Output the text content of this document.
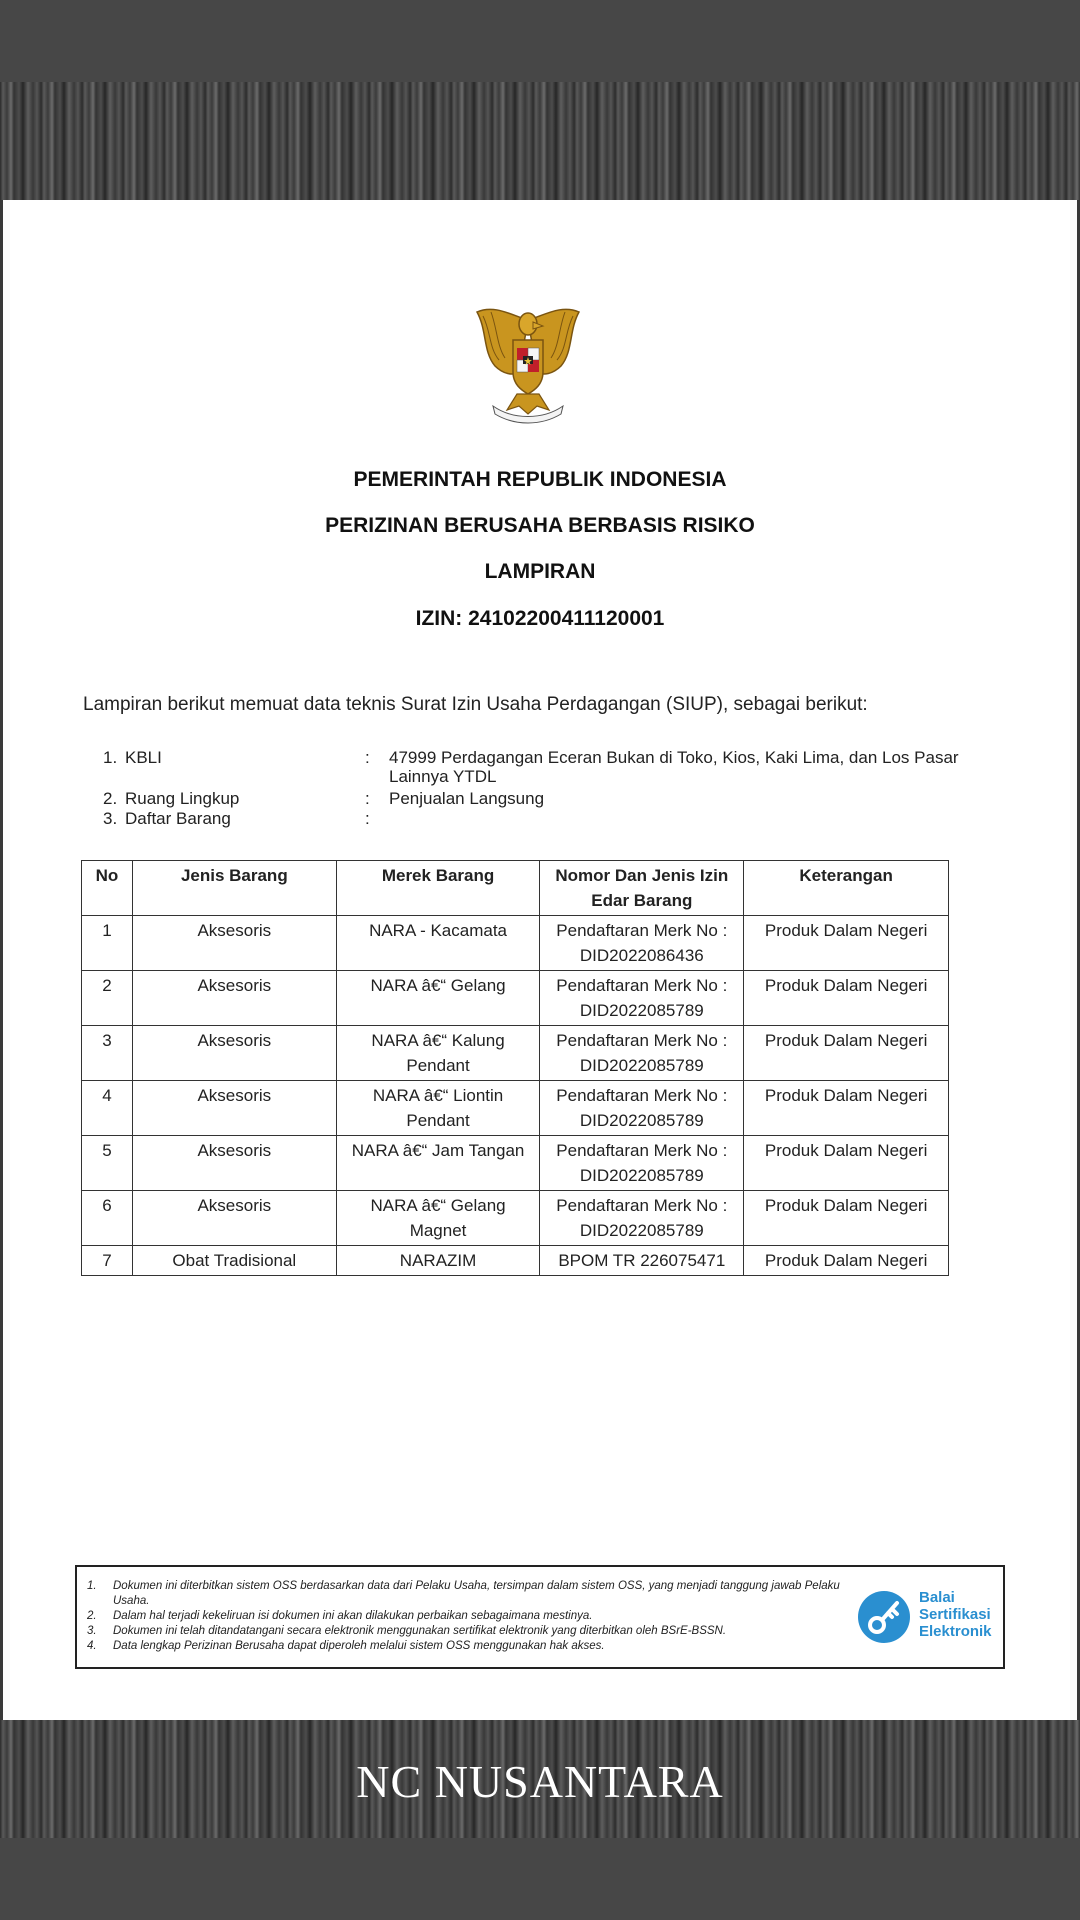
PEMERINTAH REPUBLIK INDONESIA
PERIZINAN BERUSAHA BERBASIS RISIKO
LAMPIRAN
IZIN: 24102200411120001
Lampiran berikut memuat data teknis Surat Izin Usaha Perdagangan (SIUP), sebagai berikut:
1. KBLI	: 47999 Perdagangan Eceran Bukan di Toko, Kios, Kaki Lima, dan Los Pasar Lainnya YTDL
2. Ruang Lingkup	: Penjualan Langsung
3. Daftar Barang	:
No	Jenis Barang	Merek Barang	Nomor Dan Jenis Izin Edar Barang	Keterangan
1	Aksesoris	NARA - Kacamata	Pendaftaran Merk No : DID2022086436	Produk Dalam Negeri
2	Aksesoris	NARA â€“ Gelang	Pendaftaran Merk No : DID2022085789	Produk Dalam Negeri
3	Aksesoris	NARA â€“ Kalung Pendant	Pendaftaran Merk No : DID2022085789	Produk Dalam Negeri
4	Aksesoris	NARA â€“ Liontin Pendant	Pendaftaran Merk No : DID2022085789	Produk Dalam Negeri
5	Aksesoris	NARA â€“ Jam Tangan	Pendaftaran Merk No : DID2022085789	Produk Dalam Negeri
6	Aksesoris	NARA â€“ Gelang Magnet	Pendaftaran Merk No : DID2022085789	Produk Dalam Negeri
7	Obat Tradisional	NARAZIM	BPOM TR 226075471	Produk Dalam Negeri
1. Dokumen ini diterbitkan sistem OSS berdasarkan data dari Pelaku Usaha, tersimpan dalam sistem OSS, yang menjadi tanggung jawab Pelaku Usaha.
2. Dalam hal terjadi kekeliruan isi dokumen ini akan dilakukan perbaikan sebagaimana mestinya.
3. Dokumen ini telah ditandatangani secara elektronik menggunakan sertifikat elektronik yang diterbitkan oleh BSrE-BSSN.
4. Data lengkap Perizinan Berusaha dapat diperoleh melalui sistem OSS menggunakan hak akses.
Balai
Sertifikasi
Elektronik
NC NUSANTARA
